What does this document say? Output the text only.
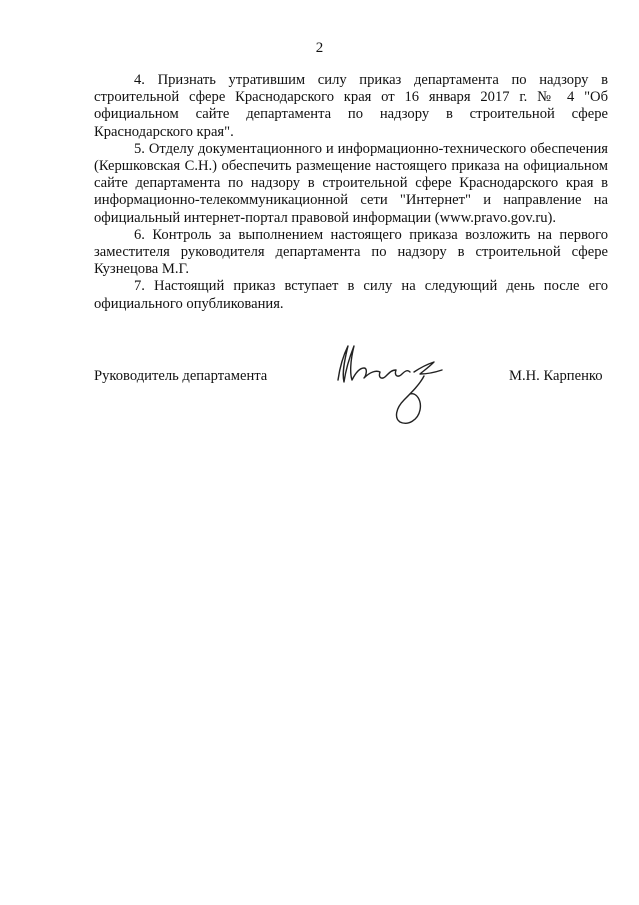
2

4. Признать утратившим силу приказ департамента по надзору в строительной сфере Краснодарского края от 16 января 2017 г. № 4 "Об официальном сайте департамента по надзору в строительной сфере Краснодарского края".

5. Отделу документационного и информационно-технического обеспечения (Кершковская С.Н.) обеспечить размещение настоящего приказа на официальном сайте департамента по надзору в строительной сфере Краснодарского края в информационно-телекоммуникационной сети "Интернет" и направление на официальный интернет-портал правовой информации (www.pravo.gov.ru).

6. Контроль за выполнением настоящего приказа возложить на первого заместителя руководителя департамента по надзору в строительной сфере Кузнецова М.Г.

7. Настоящий приказ вступает в силу на следующий день после его официального опубликования.

Руководитель департамента	М.Н. Карпенко
